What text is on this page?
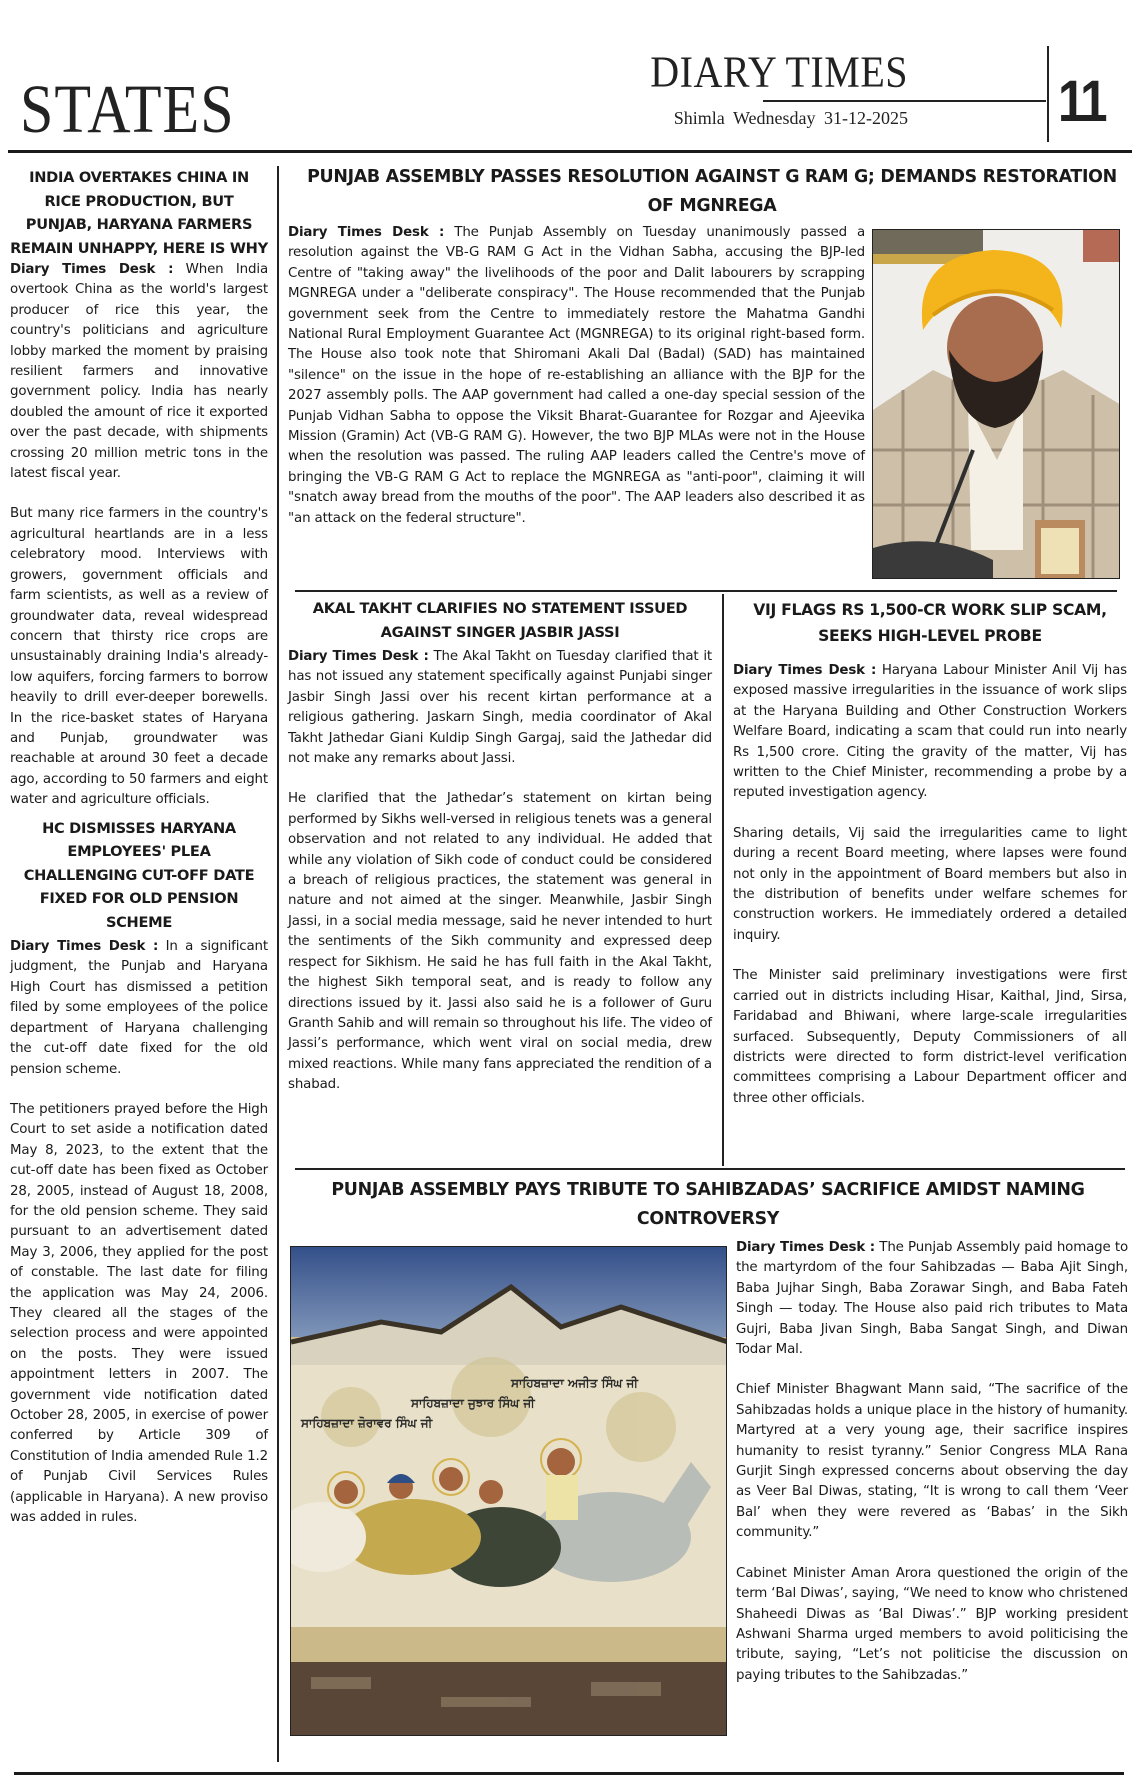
STATES	DIARY TIMES
Shimla Wednesday 31-12-2025	11
INDIA OVERTAKES CHINA IN RICE PRODUCTION, BUT PUNJAB, HARYANA FARMERS REMAIN UNHAPPY, HERE IS WHY

Diary Times Desk : When India overtook China as the world's largest producer of rice this year, the country's politicians and agriculture lobby marked the moment by praising resilient farmers and innovative government policy. India has nearly doubled the amount of rice it exported over the past decade, with shipments crossing 20 million metric tons in the latest fiscal year.

But many rice farmers in the country's agricultural heartlands are in a less celebratory mood. Interviews with growers, government officials and farm scientists, as well as a review of groundwater data, reveal widespread concern that thirsty rice crops are unsustainably draining India's already-low aquifers, forcing farmers to borrow heavily to drill ever-deeper borewells. In the rice-basket states of Haryana and Punjab, groundwater was reachable at around 30 feet a decade ago, according to 50 farmers and eight water and agriculture officials.

HC DISMISSES HARYANA EMPLOYEES' PLEA CHALLENGING CUT-OFF DATE FIXED FOR OLD PENSION SCHEME

Diary Times Desk : In a significant judgment, the Punjab and Haryana High Court has dismissed a petition filed by some employees of the police department of Haryana challenging the cut-off date fixed for the old pension scheme.

The petitioners prayed before the High Court to set aside a notification dated May 8, 2023, to the extent that the cut-off date has been fixed as October 28, 2005, instead of August 18, 2008, for the old pension scheme. They said pursuant to an advertisement dated May 3, 2006, they applied for the post of constable. The last date for filing the application was May 24, 2006. They cleared all the stages of the selection process and were appointed on the posts. They were issued appointment letters in 2007. The government vide notification dated October 28, 2005, in exercise of power conferred by Article 309 of Constitution of India amended Rule 1.2 of Punjab Civil Services Rules (applicable in Haryana). A new proviso was added in rules.

PUNJAB ASSEMBLY PASSES RESOLUTION AGAINST G RAM G; DEMANDS RESTORATION OF MGNREGA

Diary Times Desk : The Punjab Assembly on Tuesday unanimously passed a resolution against the VB-G RAM G Act in the Vidhan Sabha, accusing the BJP-led Centre of "taking away" the livelihoods of the poor and Dalit labourers by scrapping MGNREGA under a "deliberate conspiracy". The House recommended that the Punjab government seek from the Centre to immediately restore the Mahatma Gandhi National Rural Employment Guarantee Act (MGNREGA) to its original right-based form. The House also took note that Shiromani Akali Dal (Badal) (SAD) has maintained "silence" on the issue in the hope of re-establishing an alliance with the BJP for the 2027 assembly polls. The AAP government had called a one-day special session of the Punjab Vidhan Sabha to oppose the Viksit Bharat-Guarantee for Rozgar and Ajeevika Mission (Gramin) Act (VB-G RAM G). However, the two BJP MLAs were not in the House when the resolution was passed. The ruling AAP leaders called the Centre's move of bringing the VB-G RAM G Act to replace the MGNREGA as "anti-poor", claiming it will "snatch away bread from the mouths of the poor". The AAP leaders also described it as "an attack on the federal structure".

AKAL TAKHT CLARIFIES NO STATEMENT ISSUED AGAINST SINGER JASBIR JASSI

Diary Times Desk : The Akal Takht on Tuesday clarified that it has not issued any statement specifically against Punjabi singer Jasbir Singh Jassi over his recent kirtan performance at a religious gathering. Jaskarn Singh, media coordinator of Akal Takht Jathedar Giani Kuldip Singh Gargaj, said the Jathedar did not make any remarks about Jassi.

He clarified that the Jathedar’s statement on kirtan being performed by Sikhs well-versed in religious tenets was a general observation and not related to any individual. He added that while any violation of Sikh code of conduct could be considered a breach of religious practices, the statement was general in nature and not aimed at the singer. Meanwhile, Jasbir Singh Jassi, in a social media message, said he never intended to hurt the sentiments of the Sikh community and expressed deep respect for Sikhism. He said he has full faith in the Akal Takht, the highest Sikh temporal seat, and is ready to follow any directions issued by it. Jassi also said he is a follower of Guru Granth Sahib and will remain so throughout his life. The video of Jassi’s performance, which went viral on social media, drew mixed reactions. While many fans appreciated the rendition of a shabad.

VIJ FLAGS RS 1,500-CR WORK SLIP SCAM, SEEKS HIGH-LEVEL PROBE

Diary Times Desk : Haryana Labour Minister Anil Vij has exposed massive irregularities in the issuance of work slips at the Haryana Building and Other Construction Workers Welfare Board, indicating a scam that could run into nearly Rs 1,500 crore. Citing the gravity of the matter, Vij has written to the Chief Minister, recommending a probe by a reputed investigation agency.

Sharing details, Vij said the irregularities came to light during a recent Board meeting, where lapses were found not only in the appointment of Board members but also in the distribution of benefits under welfare schemes for construction workers. He immediately ordered a detailed inquiry.

The Minister said preliminary investigations were first carried out in districts including Hisar, Kaithal, Jind, Sirsa, Faridabad and Bhiwani, where large-scale irregularities surfaced. Subsequently, Deputy Commissioners of all districts were directed to form district-level verification committees comprising a Labour Department officer and three other officials.

PUNJAB ASSEMBLY PAYS TRIBUTE TO SAHIBZADAS’ SACRIFICE AMIDST NAMING CONTROVERSY
ਸਾਹਿਬਜ਼ਾਦਾ ਅਜੀਤ ਸਿੰਘ ਜੀ
ਸਾਹਿਬਜ਼ਾਦਾ ਜੁਝਾਰ ਸਿੰਘ ਜੀ
ਸਾਹਿਬਜ਼ਾਦਾ ਜ਼ੋਰਾਵਰ ਸਿੰਘ ਜੀ

Diary Times Desk : The Punjab Assembly paid homage to the martyrdom of the four Sahibzadas — Baba Ajit Singh, Baba Jujhar Singh, Baba Zorawar Singh, and Baba Fateh Singh — today. The House also paid rich tributes to Mata Gujri, Baba Jivan Singh, Baba Sangat Singh, and Diwan Todar Mal.

Chief Minister Bhagwant Mann said, “The sacrifice of the Sahibzadas holds a unique place in the history of humanity. Martyred at a very young age, their sacrifice inspires humanity to resist tyranny.” Senior Congress MLA Rana Gurjit Singh expressed concerns about observing the day as Veer Bal Diwas, stating, “It is wrong to call them ‘Veer Bal’ when they were revered as ‘Babas’ in the Sikh community.”

Cabinet Minister Aman Arora questioned the origin of the term ‘Bal Diwas’, saying, “We need to know who christened Shaheedi Diwas as ‘Bal Diwas’.” BJP working president Ashwani Sharma urged members to avoid politicising the tribute, saying, “Let’s not politicise the discussion on paying tributes to the Sahibzadas.”
